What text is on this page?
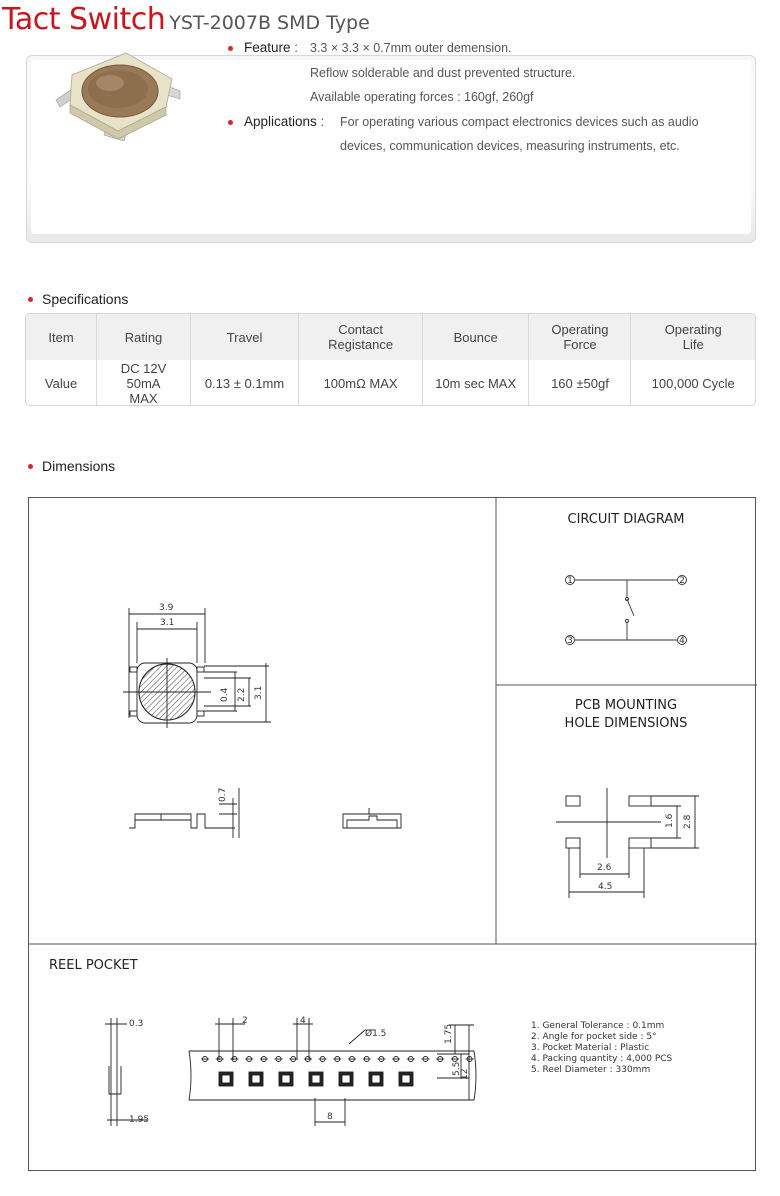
Tact Switch YST-2007B SMD Type
Feature : 3.3 × 3.3 × 0.7mm outer demension.
Reflow solderable and dust prevented structure.
Available operating forces : 160gf, 260gf
Applications : For operating various compact electronics devices such as audio devices, communication devices, measuring instruments, etc.
Specifications
Item	Rating	Travel	Contact Registance	Bounce	Operating Force	Operating Life
Value	DC 12V 50mA MAX	0.13 ± 0.1mm	100mΩ MAX	10m sec MAX	160 ±50gf	100,000 Cycle
Dimensions
3.9
3.1
0.4 2.2 3.1
0.7
CIRCUIT DIAGRAM
1	2
3	4
PCB MOUNTING
HOLE DIMENSIONS
1.6 2.8
2.6
4.5
REEL POCKET
0.3
1.95
2	4
Ø1.5	1.75
5.5
12
8
1. General Tolerance : 0.1mm
2. Angle for pocket side : 5°
3. Pocket Material : Plastic
4. Packing quantity : 4,000 PCS
5. Reel Diameter : 330mm
